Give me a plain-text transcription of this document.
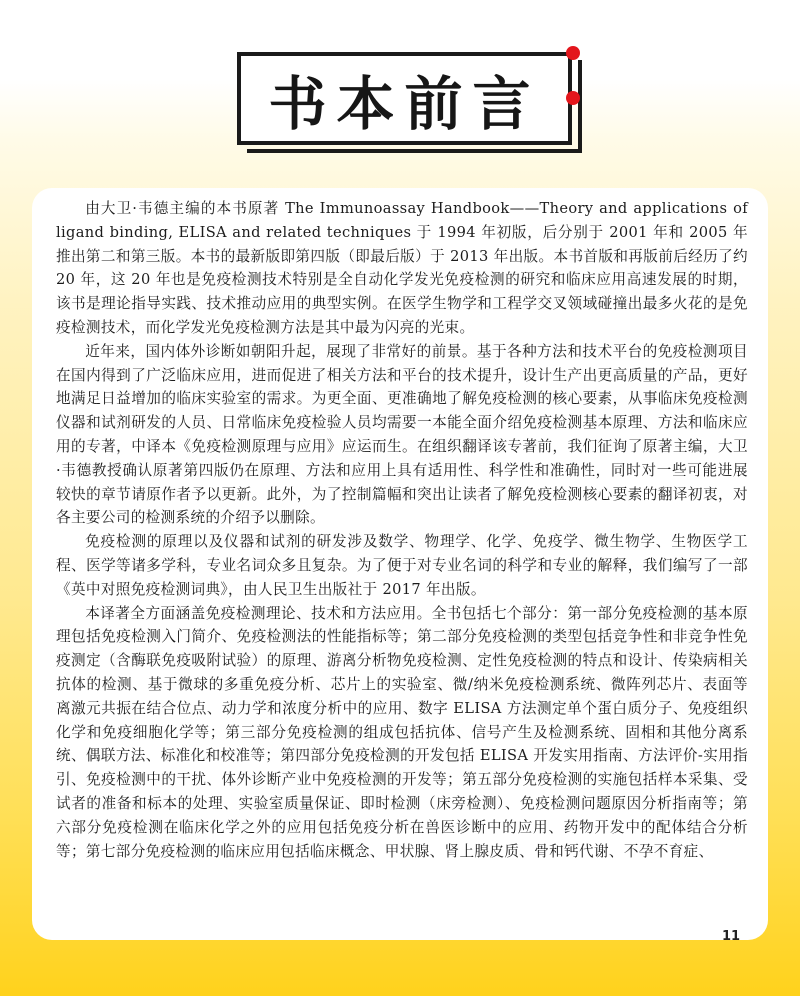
书本前言

由大卫·韦德主编的本书原著 The Immunoassay Handbook——Theory and applications of ligand binding, ELISA and related techniques 于 1994 年初版，后分别于 2001 年和 2005 年推出第二和第三版。本书的最新版即第四版（即最后版）于 2013 年出版。本书首版和再版前后经历了约 20 年，这 20 年也是免疫检测技术特别是全自动化学发光免疫检测的研究和临床应用高速发展的时期，该书是理论指导实践、技术推动应用的典型实例。在医学生物学和工程学交叉领域碰撞出最多火花的是免疫检测技术，而化学发光免疫检测方法是其中最为闪亮的光束。

近年来，国内体外诊断如朝阳升起，展现了非常好的前景。基于各种方法和技术平台的免疫检测项目在国内得到了广泛临床应用，进而促进了相关方法和平台的技术提升，设计生产出更高质量的产品，更好地满足日益增加的临床实验室的需求。为更全面、更准确地了解免疫检测的核心要素，从事临床免疫检测仪器和试剂研发的人员、日常临床免疫检验人员均需要一本能全面介绍免疫检测基本原理、方法和临床应用的专著，中译本《免疫检测原理与应用》应运而生。在组织翻译该专著前，我们征询了原著主编，大卫·韦德教授确认原著第四版仍在原理、方法和应用上具有适用性、科学性和准确性，同时对一些可能进展较快的章节请原作者予以更新。此外，为了控制篇幅和突出让读者了解免疫检测核心要素的翻译初衷，对各主要公司的检测系统的介绍予以删除。

免疫检测的原理以及仪器和试剂的研发涉及数学、物理学、化学、免疫学、微生物学、生物医学工程、医学等诸多学科，专业名词众多且复杂。为了便于对专业名词的科学和专业的解释，我们编写了一部《英中对照免疫检测词典》，由人民卫生出版社于 2017 年出版。

本译著全方面涵盖免疫检测理论、技术和方法应用。全书包括七个部分：第一部分免疫检测的基本原理包括免疫检测入门简介、免疫检测法的性能指标等；第二部分免疫检测的类型包括竞争性和非竞争性免疫测定（含酶联免疫吸附试验）的原理、游离分析物免疫检测、定性免疫检测的特点和设计、传染病相关抗体的检测、基于微球的多重免疫分析、芯片上的实验室、微/纳米免疫检测系统、微阵列芯片、表面等离激元共振在结合位点、动力学和浓度分析中的应用、数字 ELISA 方法测定单个蛋白质分子、免疫组织化学和免疫细胞化学等；第三部分免疫检测的组成包括抗体、信号产生及检测系统、固相和其他分离系统、偶联方法、标准化和校准等；第四部分免疫检测的开发包括 ELISA 开发实用指南、方法评价-实用指引、免疫检测中的干扰、体外诊断产业中免疫检测的开发等；第五部分免疫检测的实施包括样本采集、受试者的准备和标本的处理、实验室质量保证、即时检测（床旁检测）、免疫检测问题原因分析指南等；第六部分免疫检测在临床化学之外的应用包括免疫分析在兽医诊断中的应用、药物开发中的配体结合分析等；第七部分免疫检测的临床应用包括临床概念、甲状腺、肾上腺皮质、骨和钙代谢、不孕不育症、

11
